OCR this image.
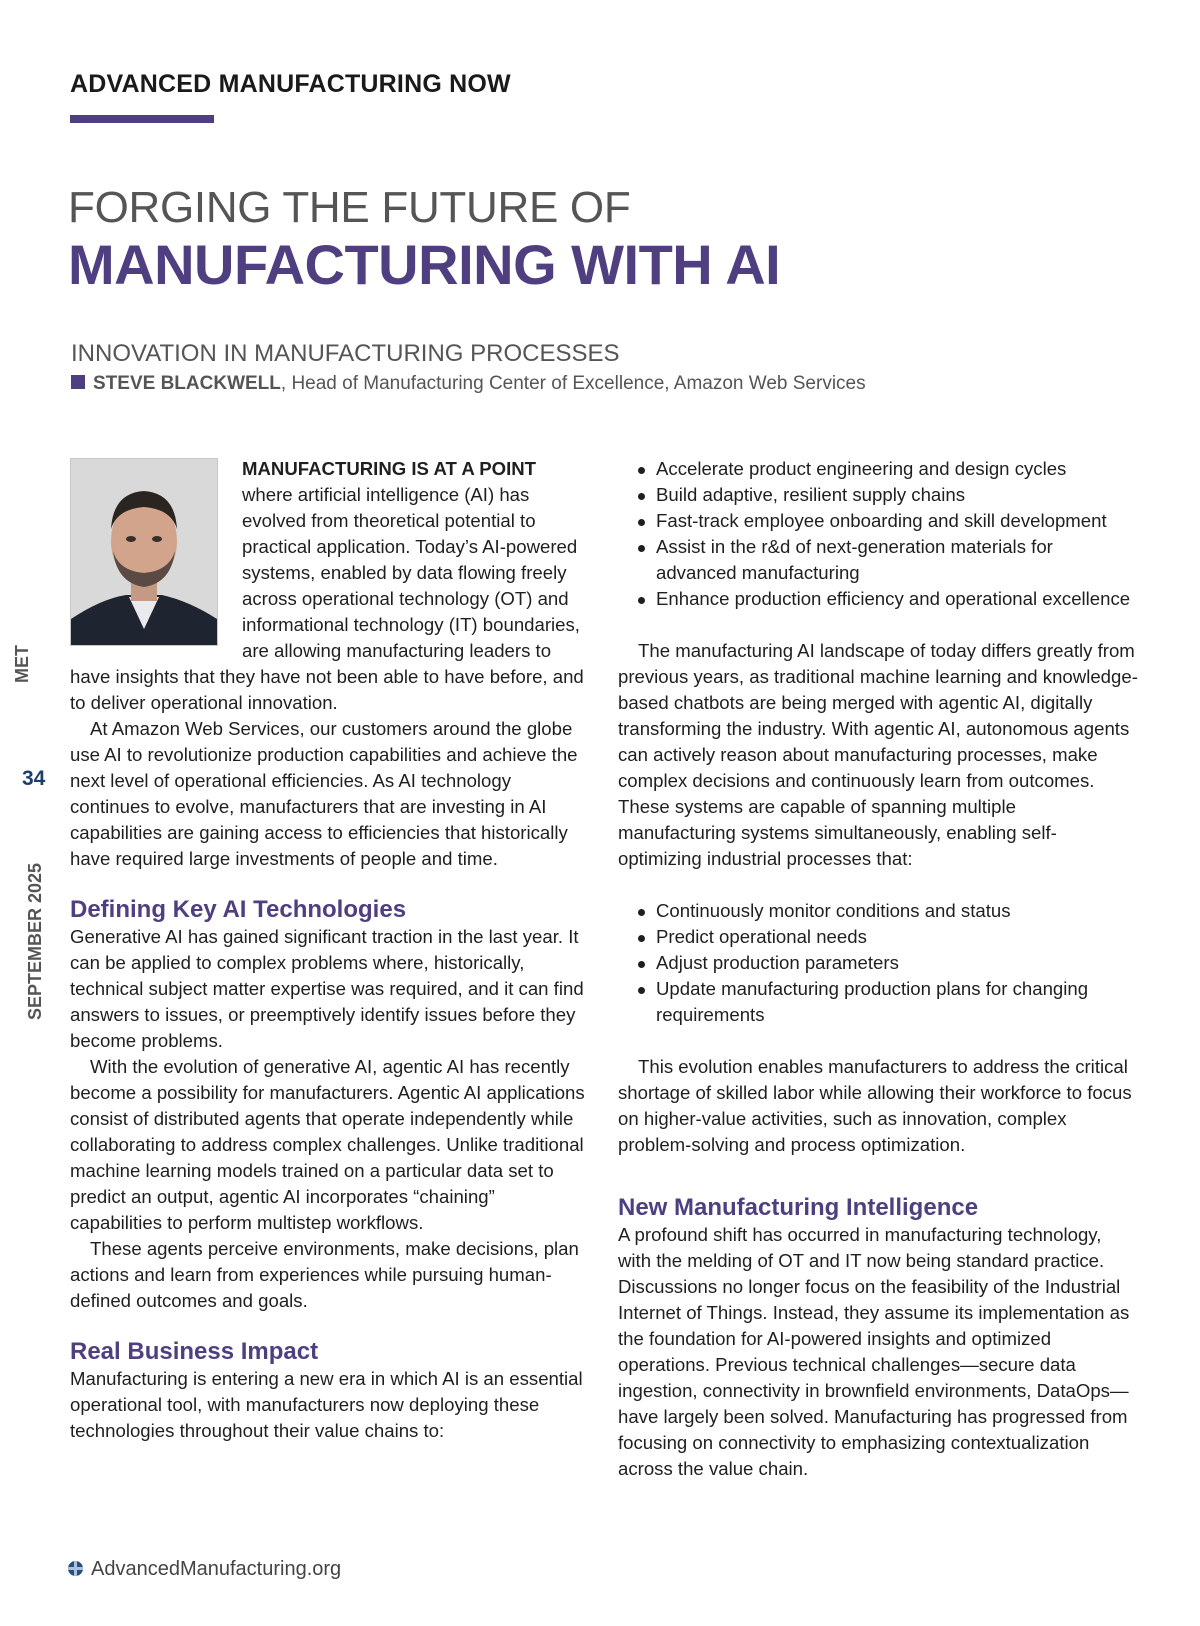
ADVANCED MANUFACTURING NOW
FORGING THE FUTURE OF
MANUFACTURING WITH AI
INNOVATION IN MANUFACTURING PROCESSES
STEVE BLACKWELL, Head of Manufacturing Center of Excellence, Amazon Web Services
MET
34
SEPTEMBER 2025

MANUFACTURING IS AT A POINT where artificial intelligence (AI) has evolved from theoretical potential to practical application. Today’s AI-powered systems, enabled by data flowing freely across operational technology (OT) and informational technology (IT) boundaries, are allowing manufacturing leaders to have insights that they have not been able to have before, and to deliver operational innovation.

At Amazon Web Services, our customers around the globe use AI to revolutionize production capabilities and achieve the next level of operational efficiencies. As AI technology continues to evolve, manufacturers that are investing in AI capabilities are gaining access to efficiencies that historically have required large investments of people and time.

Defining Key AI Technologies

Generative AI has gained significant traction in the last year. It can be applied to complex problems where, historically, technical subject matter expertise was required, and it can find answers to issues, or preemptively identify issues before they become problems.

With the evolution of generative AI, agentic AI has recently become a possibility for manufacturers. Agentic AI applications consist of distributed agents that operate independently while collaborating to address complex challenges. Unlike traditional machine learning models trained on a particular data set to predict an output, agentic AI incorporates “chaining” capabilities to perform multistep workflows.

These agents perceive environments, make decisions, plan actions and learn from experiences while pursuing human-defined outcomes and goals.

Real Business Impact

Manufacturing is entering a new era in which AI is an essential operational tool, with manufacturers now deploying these technologies throughout their value chains to:

Accelerate product engineering and design cycles
Build adaptive, resilient supply chains
Fast-track employee onboarding and skill development
Assist in the r&d of next-generation materials for advanced manufacturing
Enhance production efficiency and operational excellence

The manufacturing AI landscape of today differs greatly from previous years, as traditional machine learning and knowledge-based chatbots are being merged with agentic AI, digitally transforming the industry. With agentic AI, autonomous agents can actively reason about manufacturing processes, make complex decisions and continuously learn from outcomes. These systems are capable of spanning multiple manufacturing systems simultaneously, enabling self-optimizing industrial processes that:

Continuously monitor conditions and status
Predict operational needs
Adjust production parameters
Update manufacturing production plans for changing requirements

This evolution enables manufacturers to address the critical shortage of skilled labor while allowing their workforce to focus on higher-value activities, such as innovation, complex problem-solving and process optimization.

New Manufacturing Intelligence

A profound shift has occurred in manufacturing technology, with the melding of OT and IT now being standard practice. Discussions no longer focus on the feasibility of the Industrial Internet of Things. Instead, they assume its implementation as the foundation for AI-powered insights and optimized operations. Previous technical challenges—secure data ingestion, connectivity in brownfield environments, DataOps—have largely been solved. Manufacturing has progressed from focusing on connectivity to emphasizing contextualization across the value chain.

AdvancedManufacturing.org
